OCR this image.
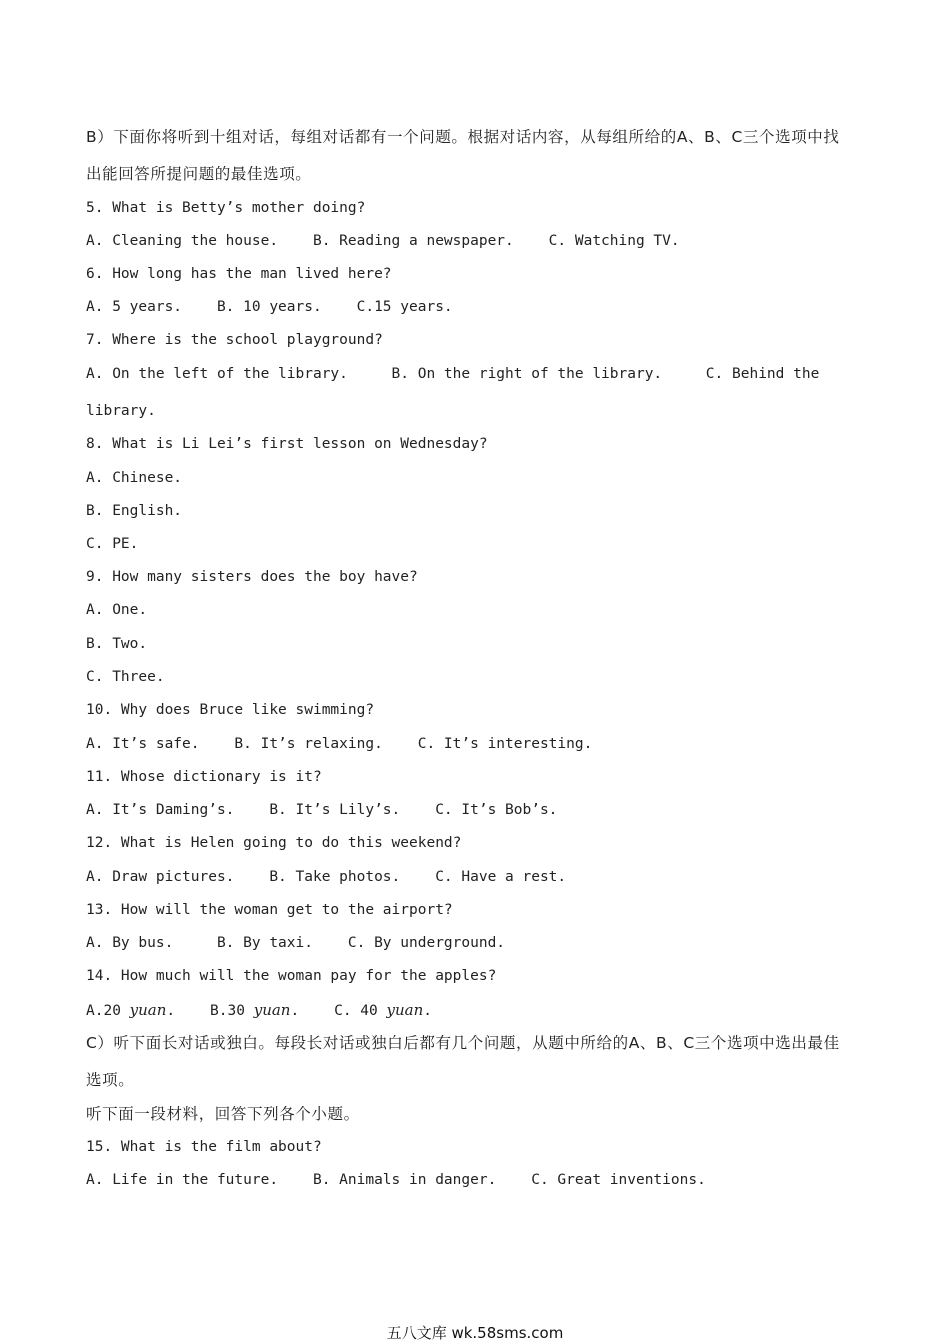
B）下面你将听到十组对话，每组对话都有一个问题。根据对话内容，从每组所给的A、B、C三个选项中找
出能回答所提问题的最佳选项。
5. What is Betty’s mother doing?
A. Cleaning the house.    B. Reading a newspaper.    C. Watching TV.
6. How long has the man lived here?
A. 5 years.    B. 10 years.    C.15 years.
7. Where is the school playground?
A. On the left of the library.     B. On the right of the library.     C. Behind the
library.
8. What is Li Lei’s first lesson on Wednesday?
A. Chinese.
B. English.
C. PE.
9. How many sisters does the boy have?
A. One.
B. Two.
C. Three.
10. Why does Bruce like swimming?
A. It’s safe.    B. It’s relaxing.    C. It’s interesting.
11. Whose dictionary is it?
A. It’s Daming’s.    B. It’s Lily’s.    C. It’s Bob’s.
12. What is Helen going to do this weekend?
A. Draw pictures.    B. Take photos.    C. Have a rest.
13. How will the woman get to the airport?
A. By bus.     B. By taxi.    C. By underground.
14. How much will the woman pay for the apples?
A.20 yuan.    B.30 yuan.    C. 40 yuan.
C）听下面长对话或独白。每段长对话或独白后都有几个问题，从题中所给的A、B、C三个选项中选出最佳
选项。
听下面一段材料，回答下列各个小题。
15. What is the film about?
A. Life in the future.    B. Animals in danger.    C. Great inventions.
五八文库 wk.58sms.com
